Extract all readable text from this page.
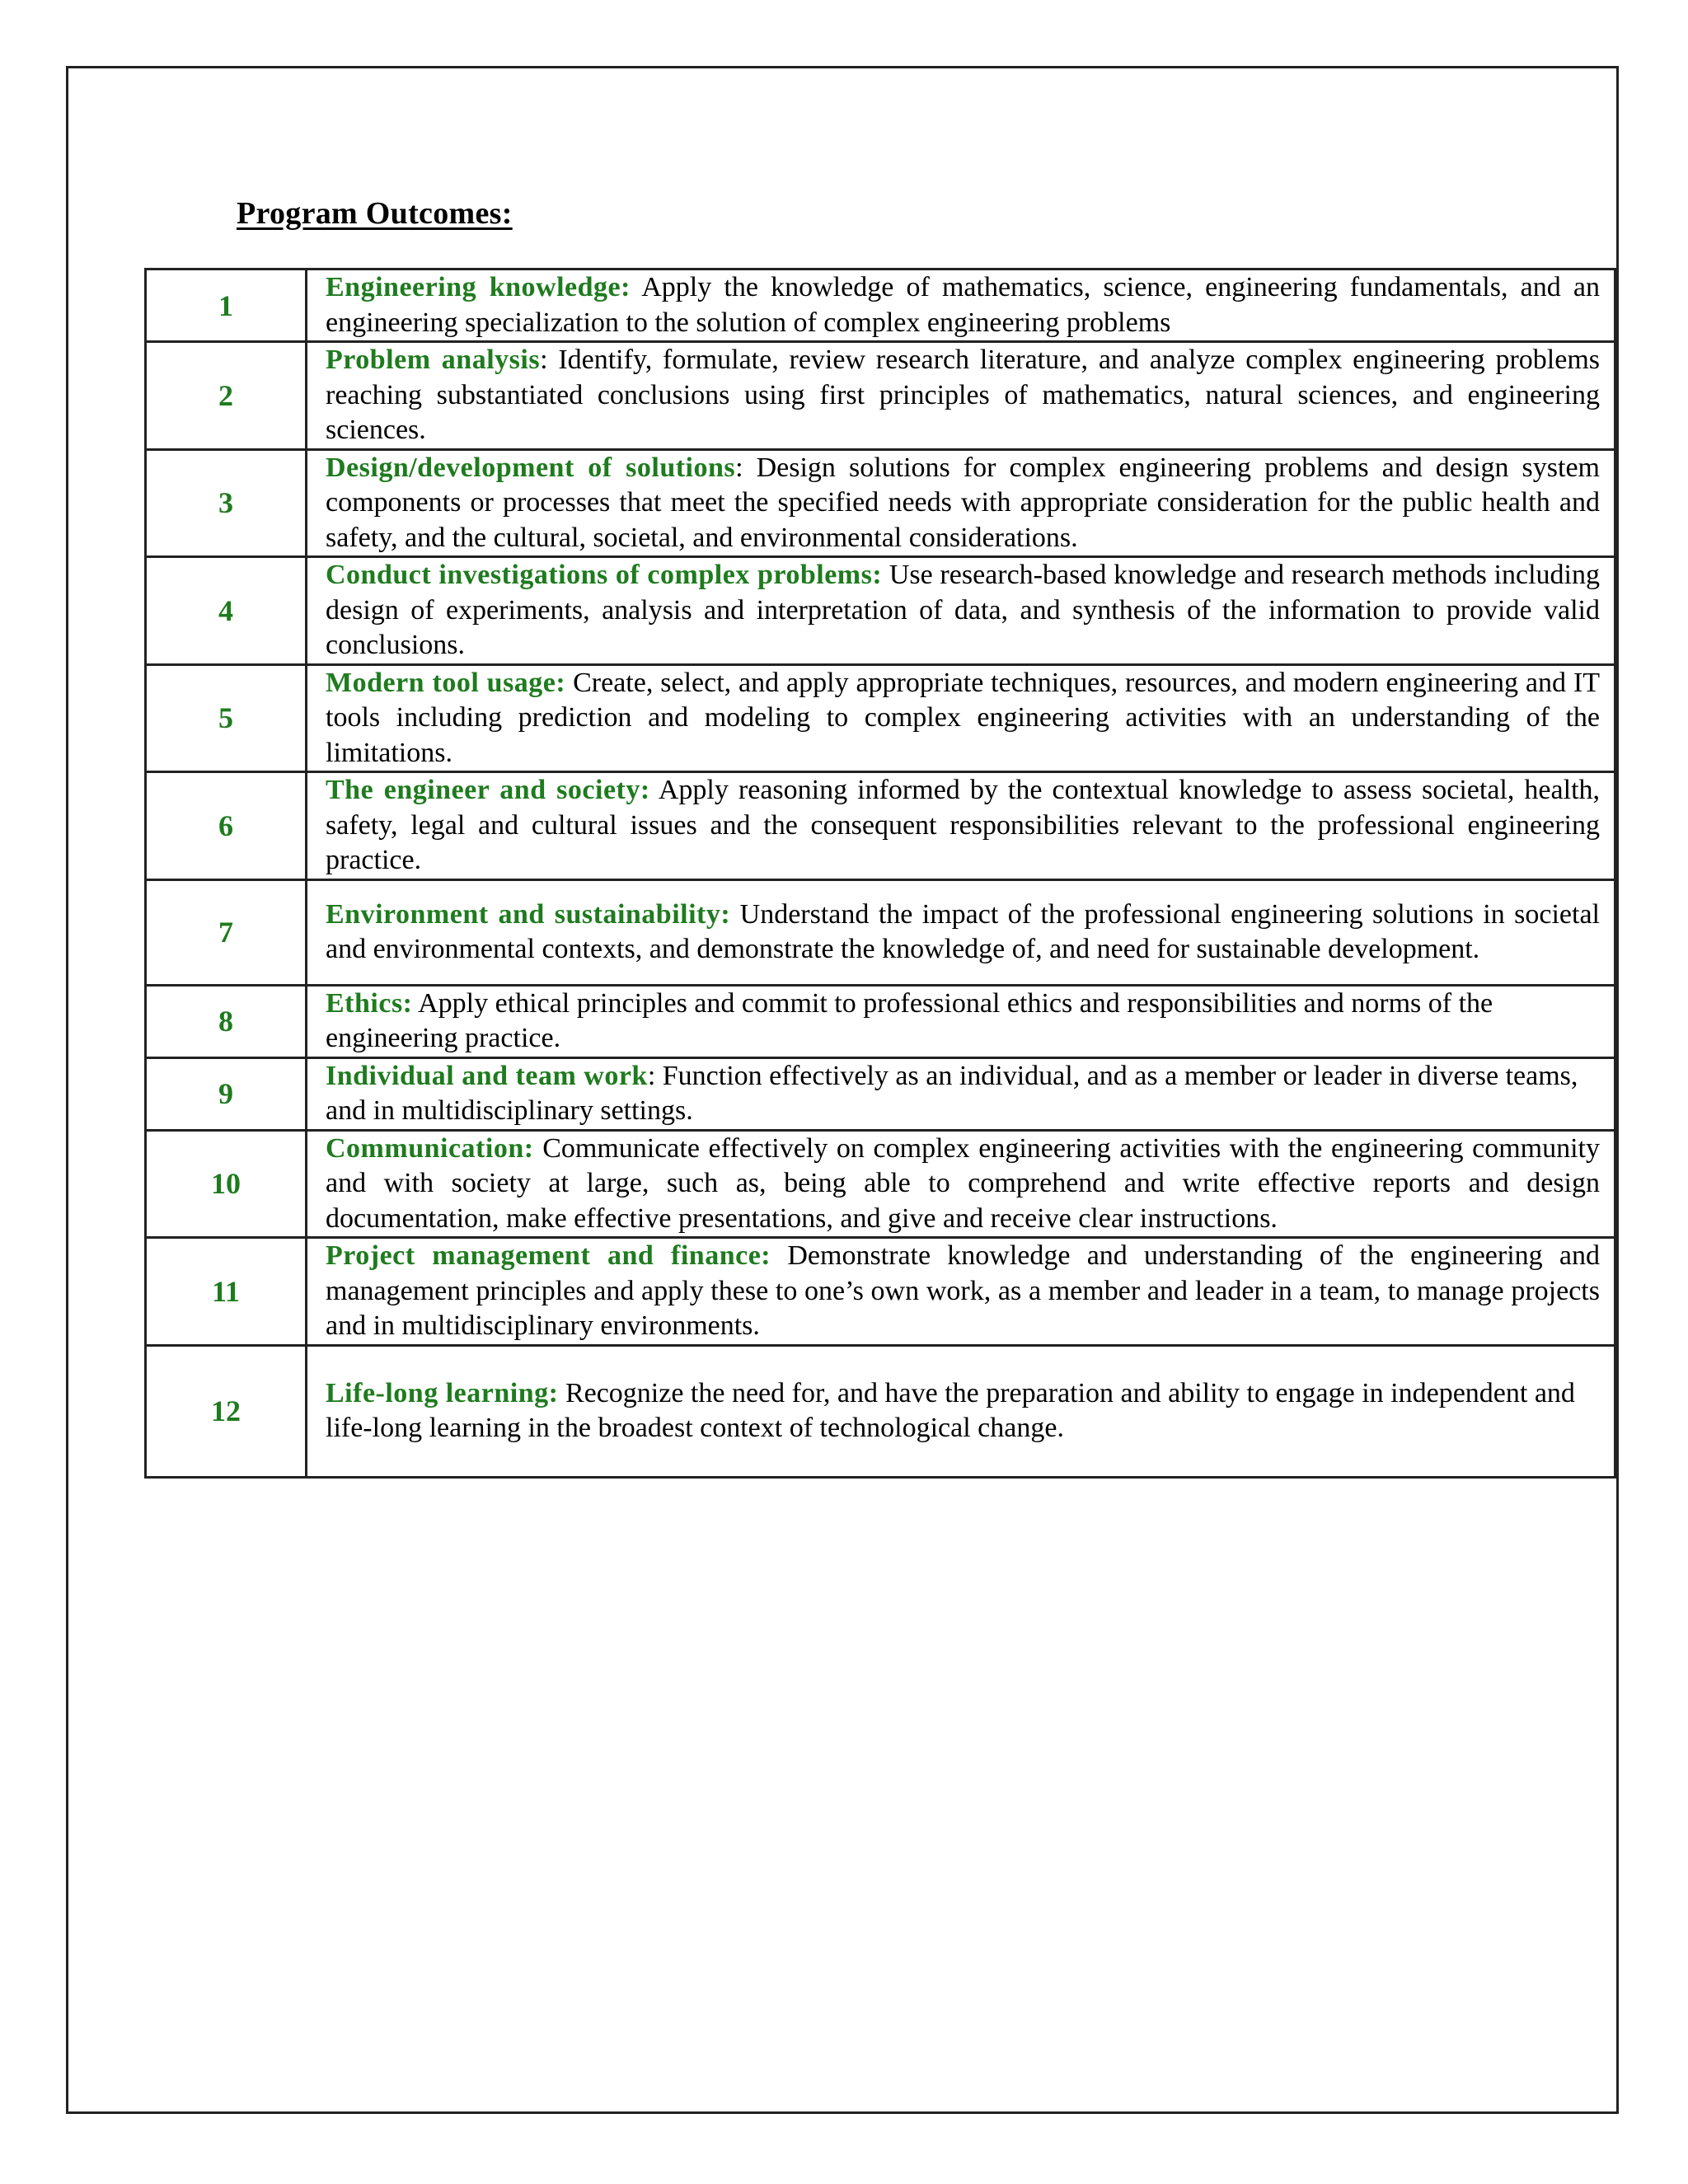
Program Outcomes:
1	Engineering knowledge: Apply the knowledge of mathematics, science, engineering fundamentals, and an engineering specialization to the solution of complex engineering problems
2	Problem analysis: Identify, formulate, review research literature, and analyze complex engineering problems reaching substantiated conclusions using first principles of mathematics, natural sciences, and engineering sciences.
3	Design/development of solutions: Design solutions for complex engineering problems and design system components or processes that meet the specified needs with appropriate consideration for the public health and safety, and the cultural, societal, and environmental considerations.
4	Conduct investigations of complex problems: Use research-based knowledge and research methods including design of experiments, analysis and interpretation of data, and synthesis of the information to provide valid conclusions.
5	Modern tool usage: Create, select, and apply appropriate techniques, resources, and modern engineering and IT tools including prediction and modeling to complex engineering activities with an understanding of the limitations.
6	The engineer and society: Apply reasoning informed by the contextual knowledge to assess societal, health, safety, legal and cultural issues and the consequent responsibilities relevant to the professional engineering practice.
7	Environment and sustainability: Understand the impact of the professional engineering solutions in societal and environmental contexts, and demonstrate the knowledge of, and need for sustainable development.
8	Ethics: Apply ethical principles and commit to professional ethics and responsibilities and norms of the engineering practice.
9	Individual and team work: Function effectively as an individual, and as a member or leader in diverse teams, and in multidisciplinary settings.
10	Communication: Communicate effectively on complex engineering activities with the engineering community and with society at large, such as, being able to comprehend and write effective reports and design documentation, make effective presentations, and give and receive clear instructions.
11	Project management and finance: Demonstrate knowledge and understanding of the engineering and management principles and apply these to one’s own work, as a member and leader in a team, to manage projects and in multidisciplinary environments.
12	Life-long learning: Recognize the need for, and have the preparation and ability to engage in independent and life-long learning in the broadest context of technological change.
